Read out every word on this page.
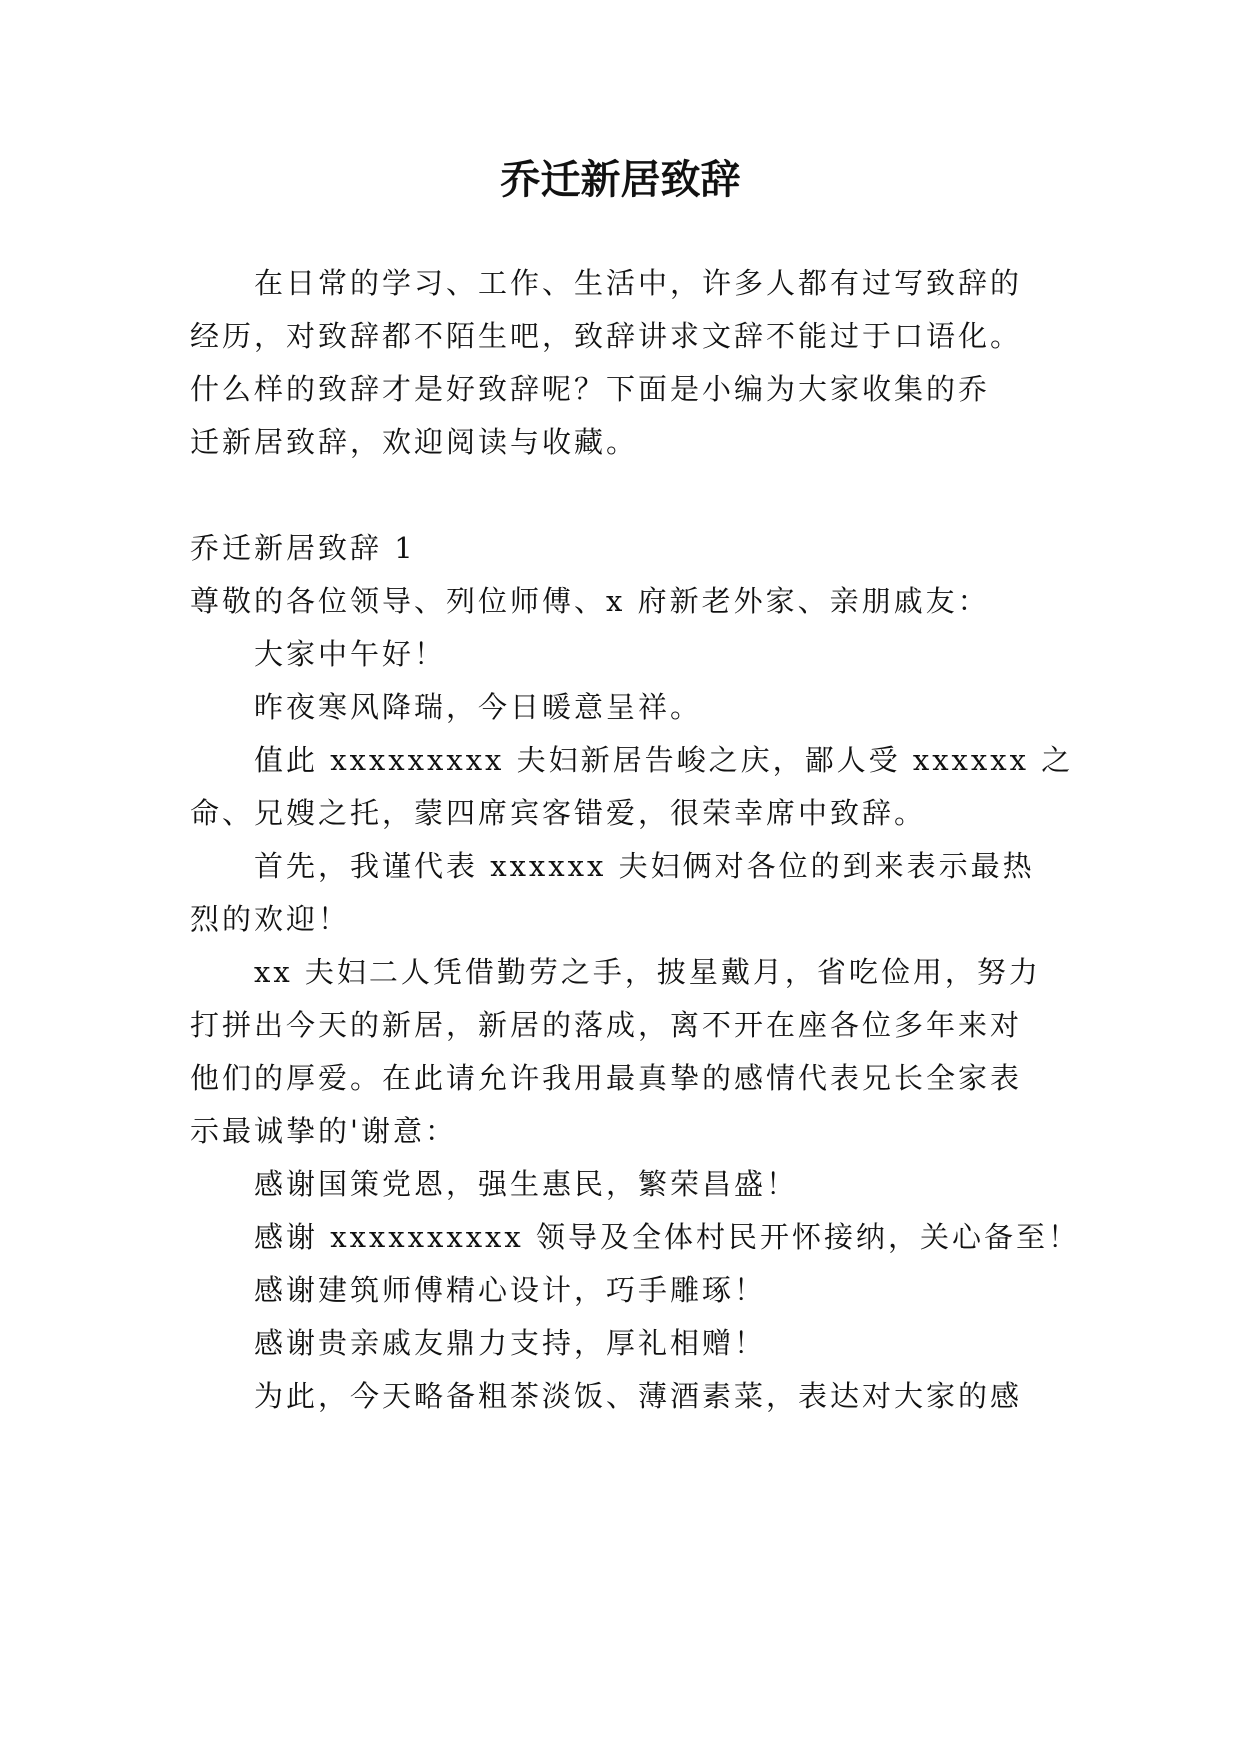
乔迁新居致辞

在日常的学习、工作、生活中，许多人都有过写致辞的

经历，对致辞都不陌生吧，致辞讲求文辞不能过于口语化。

什么样的致辞才是好致辞呢？下面是小编为大家收集的乔

迁新居致辞，欢迎阅读与收藏。

乔迁新居致辞 1

尊敬的各位领导、列位师傅、x 府新老外家、亲朋戚友：

大家中午好！

昨夜寒风降瑞，今日暖意呈祥。

值此 xxxxxxxxx 夫妇新居告峻之庆，鄙人受 xxxxxx 之

命、兄嫂之托，蒙四席宾客错爱，很荣幸席中致辞。

首先，我谨代表 xxxxxx 夫妇俩对各位的到来表示最热

烈的欢迎！

xx 夫妇二人凭借勤劳之手，披星戴月，省吃俭用，努力

打拼出今天的新居，新居的落成，离不开在座各位多年来对

他们的厚爱。在此请允许我用最真挚的感情代表兄长全家表

示最诚挚的'谢意：

感谢国策党恩，强生惠民，繁荣昌盛！

感谢 xxxxxxxxxx 领导及全体村民开怀接纳，关心备至！

感谢建筑师傅精心设计，巧手雕琢！

感谢贵亲戚友鼎力支持，厚礼相赠！

为此，今天略备粗茶淡饭、薄酒素菜，表达对大家的感
